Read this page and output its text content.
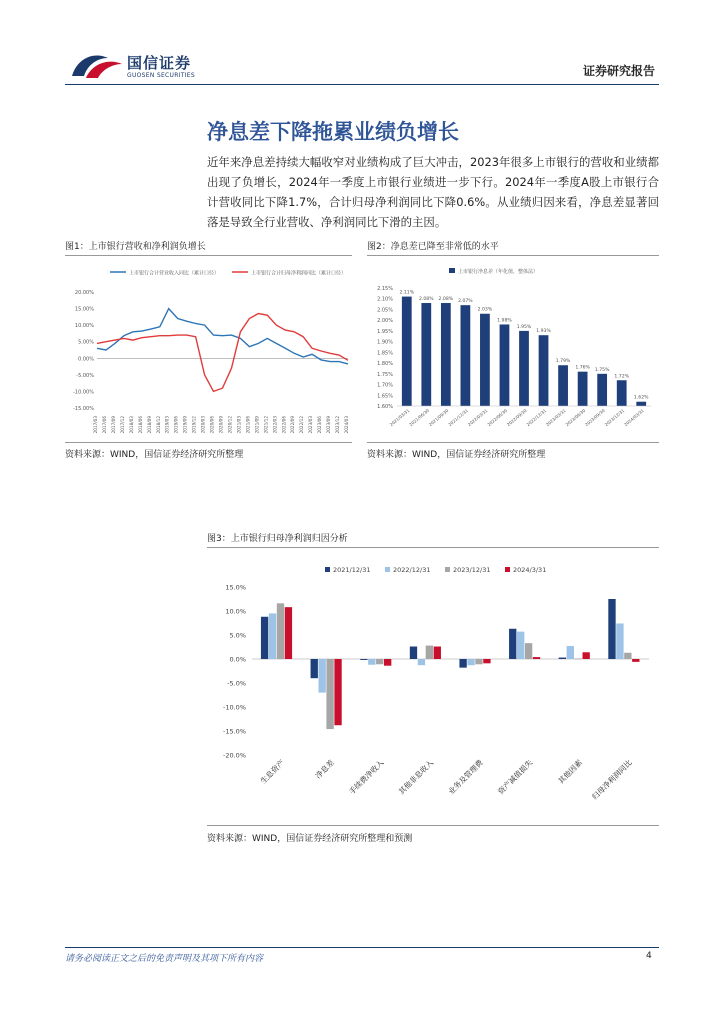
国信证券
GUOSEN SECURITIES	证券研究报告
净息差下降拖累业绩负增长
近年来净息差持续大幅收窄对业绩构成了巨大冲击，2023年很多上市银行的营收和业绩都出现了负增长，2024年一季度上市银行业绩进一步下行。2024年一季度A股上市银行合计营收同比下降1.7%，合计归母净利润同比下降0.6%。从业绩归因来看，净息差显著回落是导致全行业营收、净利润同比下滑的主因。
图1：上市银行营收和净利润负增长
上市银行合计营业收入同比（累计口径）	上市银行合计归母净利润同比（累计口径）
20.00%
15.00%
10.00%
5.00%
0.00%
-5.00%
-10.00%
-15.00%
2017/03 2017/06 2017/09 2017/12 2018/03 2018/06 2018/09 2018/12 2019/03 2019/06 2019/09 2019/12 2020/03 2020/06 2020/09 2020/12 2021/03 2021/06 2021/09 2021/12 2022/03 2022/06 2022/09 2022/12 2023/03 2023/06 2023/09 2023/12 2024/03
资料来源：WIND，国信证券经济研究所整理
图2：净息差已降至非常低的水平
上市银行净息差（年化值，整体法）
1.60%
1.65%
1.70%
1.75%
1.80%
1.85%
1.90%
1.95%
2.00%
2.05%
2.10%
2.15%
2.11%
2021/03/31
2.08%
2021/06/30
2.08%
2021/09/30
2.07%
2021/12/31
2.03%
2022/03/31
1.98%
2022/06/30
1.95%
2022/09/30
1.93%
2022/12/31
1.79%
2023/03/31
1.76%
2023/06/30
1.75%
2023/09/30
1.72%
2023/12/31
1.62%
2024/03/31
资料来源：WIND，国信证券经济研究所整理
图3：上市银行归母净利润归因分析
2021/12/31	2022/12/31	2023/12/31	2024/3/31
15.0%
10.0%
5.0%
0.0%
-5.0%
-10.0%
-15.0%
-20.0%
生息资产	净息差 手续费净收入 其他非息收入 业务及管理费 资产减值损失	其他因素 归母净利润同比
资料来源：WIND，国信证券经济研究所整理和预测
请务必阅读正文之后的免责声明及其项下所有内容	4
